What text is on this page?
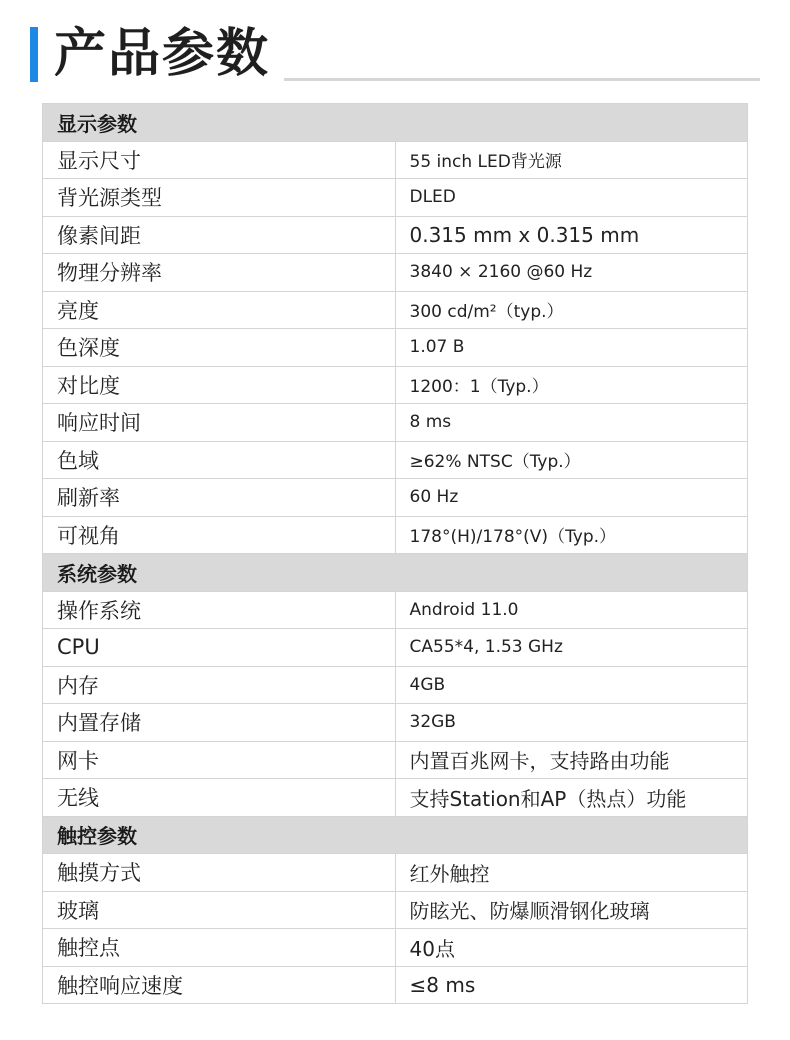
产品参数
显示参数	
显示尺寸	55 inch LED背光源
背光源类型	DLED
像素间距	0.315 mm x 0.315 mm
物理分辨率	3840 × 2160 @60 Hz
亮度	300 cd/m²（typ.）
色深度	1.07 B
对比度	1200：1（Typ.）
响应时间	8 ms
色域	≥62% NTSC（Typ.）
刷新率	60 Hz
可视角	178°(H)/178°(V)（Typ.）
系统参数	
操作系统	Android 11.0
CPU	CA55*4, 1.53 GHz
内存	4GB
内置存储	32GB
网卡	内置百兆网卡，支持路由功能
无线	支持Station和AP（热点）功能
触控参数	
触摸方式	红外触控
玻璃	防眩光、防爆顺滑钢化玻璃
触控点	40点
触控响应速度	≤8 ms
